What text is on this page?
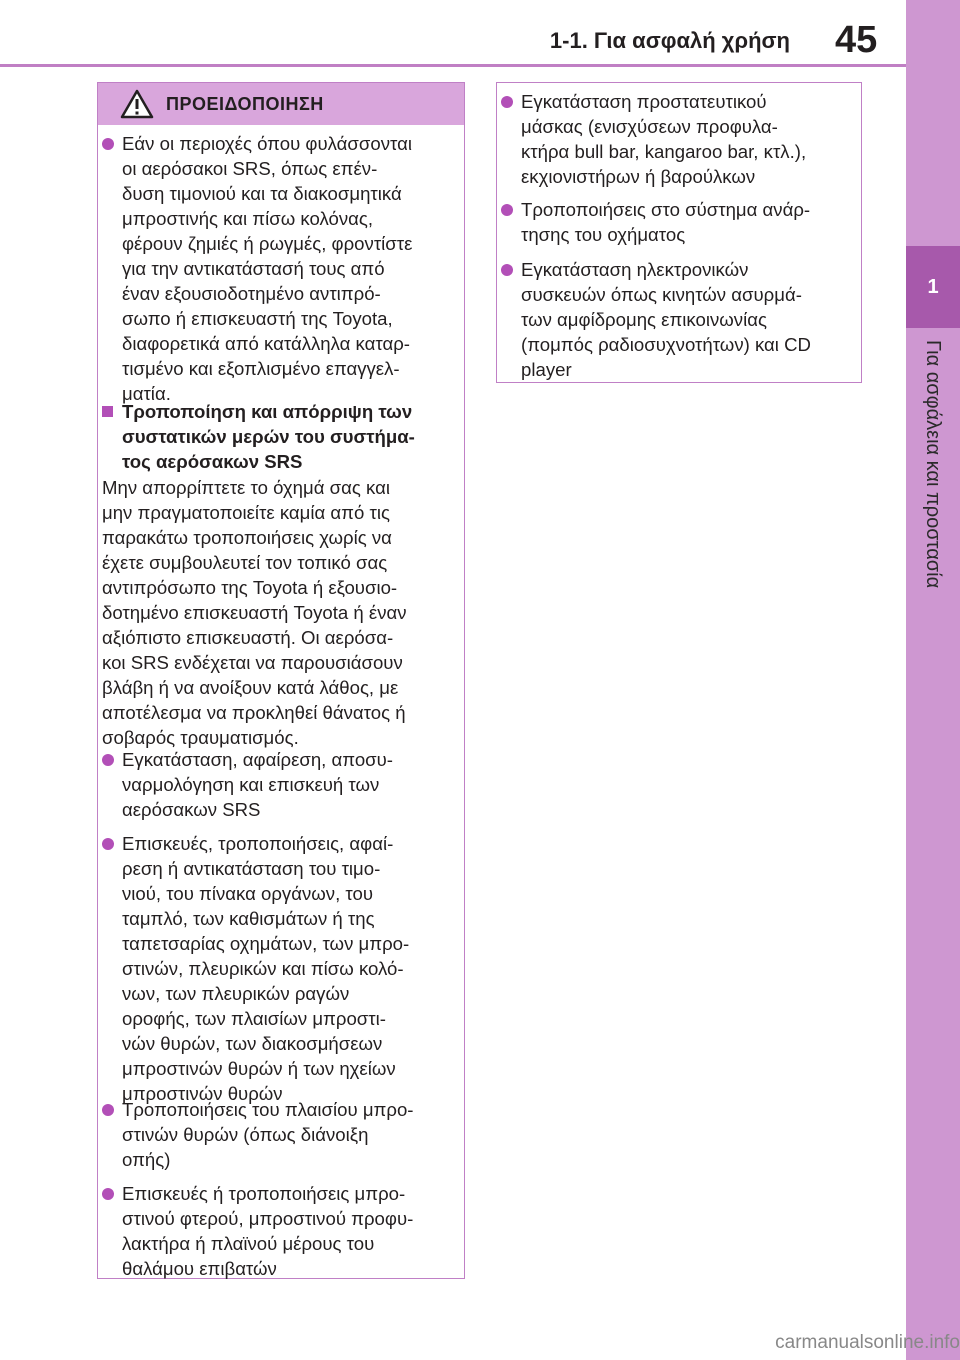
1-1. Για ασφαλή χρήση 45
1
Για ασφάλεια και προστασία
ΠΡΟΕΙΔΟΠΟΙΗΣΗ
Εάν οι περιοχές όπου φυλάσσονται
οι αερόσακοι SRS, όπως επέν-
δυση τιμονιού και τα διακοσμητικά
μπροστινής και πίσω κολόνας,
φέρουν ζημιές ή ρωγμές, φροντίστε
για την αντικατάστασή τους από
έναν εξουσιοδοτημένο αντιπρό-
σωπο ή επισκευαστή της Toyota,
διαφορετικά από κατάλληλα καταρ-
τισμένο και εξοπλισμένο επαγγελ-
ματία.
Τροποποίηση και απόρριψη των
συστατικών μερών του συστήμα-
τος αερόσακων SRS
Μην απορρίπτετε το όχημά σας και
μην πραγματοποιείτε καμία από τις
παρακάτω τροποποιήσεις χωρίς να
έχετε συμβουλευτεί τον τοπικό σας
αντιπρόσωπο της Toyota ή εξουσιο-
δοτημένο επισκευαστή Toyota ή έναν
αξιόπιστο επισκευαστή. Οι αερόσα-
κοι SRS ενδέχεται να παρουσιάσουν
βλάβη ή να ανοίξουν κατά λάθος, με
αποτέλεσμα να προκληθεί θάνατος ή
σοβαρός τραυματισμός.
Εγκατάσταση, αφαίρεση, αποσυ-
ναρμολόγηση και επισκευή των
αερόσακων SRS
Επισκευές, τροποποιήσεις, αφαί-
ρεση ή αντικατάσταση του τιμο-
νιού, του πίνακα οργάνων, του
ταμπλό, των καθισμάτων ή της
ταπετσαρίας οχημάτων, των μπρο-
στινών, πλευρικών και πίσω κολό-
νων, των πλευρικών ραγών
οροφής, των πλαισίων μπροστι-
νών θυρών, των διακοσμήσεων
μπροστινών θυρών ή των ηχείων
μπροστινών θυρών
Τροποποιήσεις του πλαισίου μπρο-
στινών θυρών (όπως διάνοιξη
οπής)
Επισκευές ή τροποποιήσεις μπρο-
στινού φτερού, μπροστινού προφυ-
λακτήρα ή πλαϊνού μέρους του
θαλάμου επιβατών
Εγκατάσταση προστατευτικού
μάσκας (ενισχύσεων προφυλα-
κτήρα bull bar, kangaroo bar, κτλ.),
εκχιονιστήρων ή βαρούλκων
Τροποποιήσεις στο σύστημα ανάρ-
τησης του οχήματος
Εγκατάσταση ηλεκτρονικών
συσκευών όπως κινητών ασυρμά-
των αμφίδρομης επικοινωνίας
(πομπός ραδιοσυχνοτήτων) και CD
player
carmanualsonline.info
